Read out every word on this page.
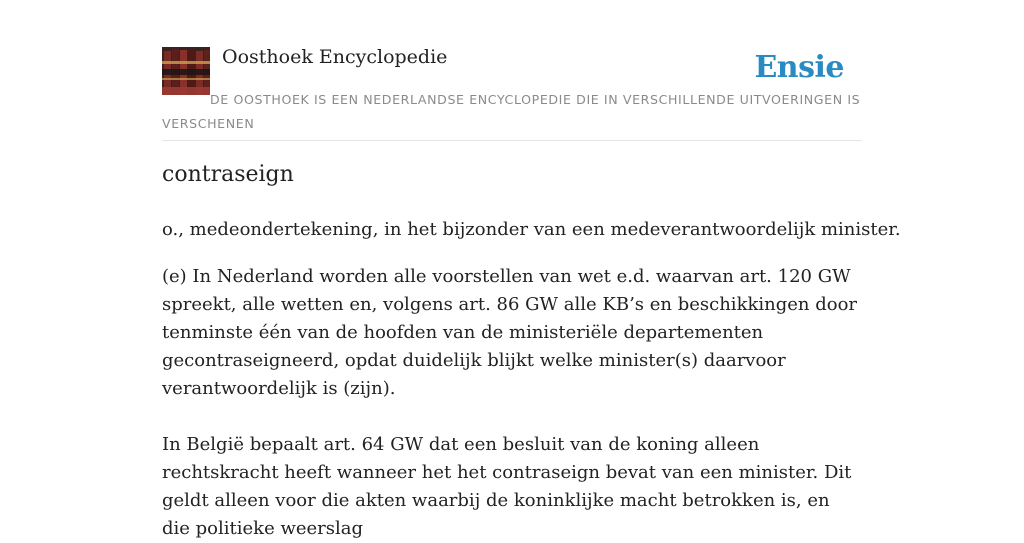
Oosthoek Encyclopedie	Ensie
DE OOSTHOEK IS EEN NEDERLANDSE ENCYCLOPEDIE DIE IN VERSCHILLENDE UITVOERINGEN IS VERSCHENEN
contraseign

o., medeondertekening, in het bijzonder van een medeverantwoordelijk minister.

(e) In Nederland worden alle voorstellen van wet e.d. waarvan art. 120 GW spreekt, alle wetten en, volgens art. 86 GW alle KB’s en beschikkingen door tenminste één van de hoofden van de ministeriële departementen gecontraseigneerd, opdat duidelijk blijkt welke minister(s) daarvoor verantwoordelijk is (zijn).

In België bepaalt art. 64 GW dat een besluit van de koning alleen rechtskracht heeft wanneer het het contraseign bevat van een minister. Dit geldt alleen voor die akten waarbij de koninklijke macht betrokken is, en die politieke weerslag
